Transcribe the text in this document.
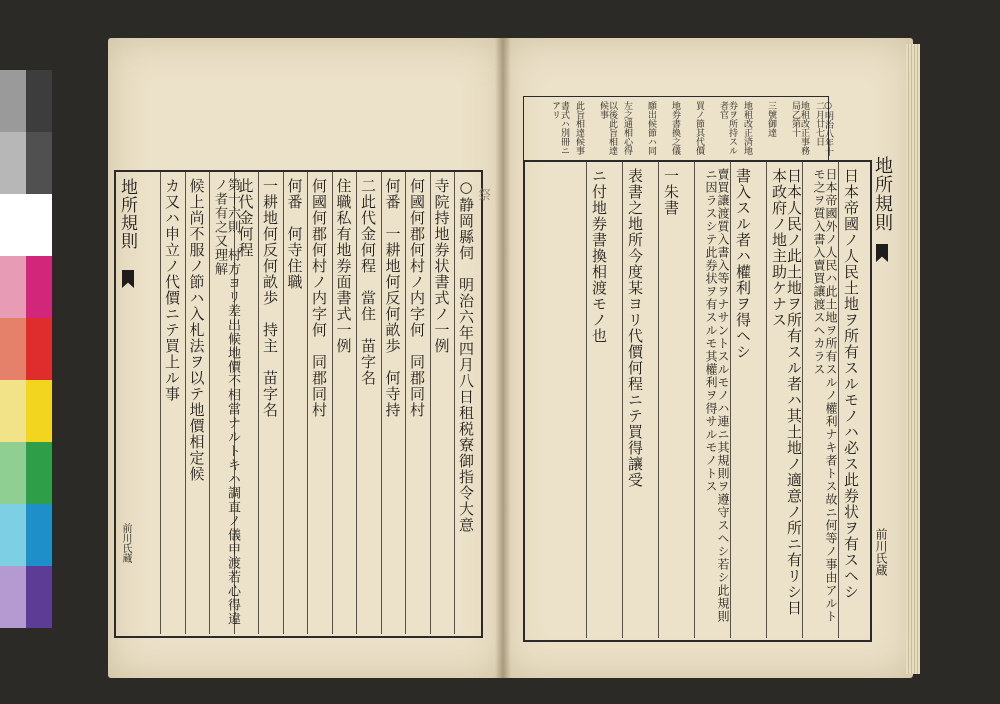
地所規則
前川氏蔵
○静岡縣伺　明治六年四月八日租税寮御指令大意
寺院持地券状書式ノ一例
何國何郡何村ノ内字何　同郡同村
何番　一耕地何反何畝歩　何寺持
二此代金何程　當住　苗字名
住職私有地券面書式一例
何國何郡何村ノ内字何　同郡同村
何番　何寺住職
一耕地何反何畝歩　持主　苗字名
此代金何程
第十六則　村方ヨリ差出候地價不相當ナルトキハ調直ノ儀申渡若心得違ノ者有之又理解
候上尚不服ノ節ハ入札法ヲ以テ地價相定候
カ又ハ申立ノ代價ニテ買上ル事	祭
○明治八年十二月廿七日
地租改正事務局乙第十
三號御達
地租改正済地
券ヲ所持スル者官
買ノ節其代價
地券書換之儀
願出候節ハ同
左之通相心得
以後此旨相達候事
此旨相達候事
書式ハ別冊ニアリ
日本帝國ノ人民土地ヲ所有スルモノハ必ス此券状ヲ有スヘシ
日本帝國外ノ人民ハ此土地ヲ所有スルノ權利ナキ者トス故ニ何等ノ事由アルトモ之ヲ質入書入賣買讓渡スヘカラス
日本人民ノ此土地ヲ所有スル者ハ其土地ノ適意ノ所ニ有リシ日本政府ノ地主助ケナス
書入スル者ハ權利ヲ得ヘシ
賣買讓渡質入書入等ヲナサントスルモノハ連ニ其規則ヲ遵守スヘシ若シ此規則ニ因ラスシテ此券状ヲ有スルモ其權利ヲ得サルモノトス
一朱書
表書之地所今度某ヨリ代價何程ニテ買得讓受
ニ付地券書換相渡モノ也	地所規則
前川氏蔵
